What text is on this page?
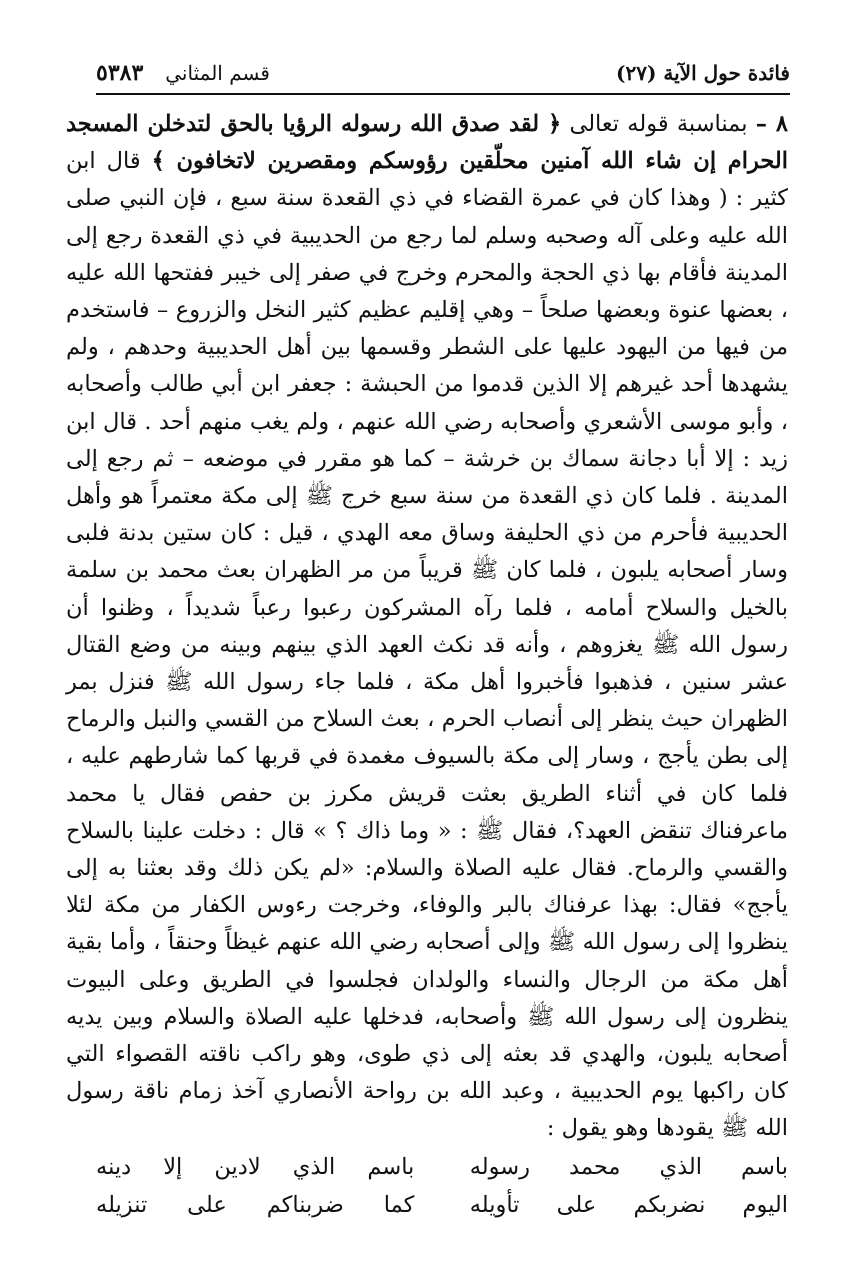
فائدة حول الآية (٢٧)
قسم المثاني
٥٣٨٣

٨ – بمناسبة قوله تعالى ﴿ لقد صدق الله رسوله الرؤيا بالحق لتدخلن المسجد الحرام إن شاء الله آمنين محلّقين رؤوسكم ومقصرين لاتخافون ﴾ قال ابن كثير : ( وهذا كان في عمرة القضاء في ذي القعدة سنة سبع ، فإن النبي صلى الله عليه وعلى آله وصحبه وسلم لما رجع من الحديبية في ذي القعدة رجع إلى المدينة فأقام بها ذي الحجة والمحرم وخرج في صفر إلى خيبر ففتحها الله عليه ، بعضها عنوة وبعضها صلحاً – وهي إقليم عظيم كثير النخل والزروع – فاستخدم من فيها من اليهود عليها على الشطر وقسمها بين أهل الحديبية وحدهم ، ولم يشهدها أحد غيرهم إلا الذين قدموا من الحبشة : جعفر ابن أبي طالب وأصحابه ، وأبو موسى الأشعري وأصحابه رضي الله عنهم ، ولم يغب منهم أحد . قال ابن زيد : إلا أبا دجانة سماك بن خرشة – كما هو مقرر في موضعه – ثم رجع إلى المدينة . فلما كان ذي القعدة من سنة سبع خرج ﷺ إلى مكة معتمراً هو وأهل الحديبية فأحرم من ذي الحليفة وساق معه الهدي ، قيل : كان ستين بدنة فلبى وسار أصحابه يلبون ، فلما كان ﷺ قريباً من مر الظهران بعث محمد بن سلمة بالخيل والسلاح أمامه ، فلما رآه المشركون رعبوا رعباً شديداً ، وظنوا أن رسول الله ﷺ يغزوهم ، وأنه قد نكث العهد الذي بينهم وبينه من وضع القتال عشر سنين ، فذهبوا فأخبروا أهل مكة ، فلما جاء رسول الله ﷺ فنزل بمر الظهران حيث ينظر إلى أنصاب الحرم ، بعث السلاح من القسي والنبل والرماح إلى بطن يأجج ، وسار إلى مكة بالسيوف مغمدة في قربها كما شارطهم عليه ، فلما كان في أثناء الطريق بعثت قريش مكرز بن حفص فقال يا محمد ماعرفناك تنقض العهد؟، فقال ﷺ : « وما ذاك ؟ » قال : دخلت علينا بالسلاح والقسي والرماح. فقال عليه الصلاة والسلام: «لم يكن ذلك وقد بعثنا به إلى يأجج» فقال: بهذا عرفناك بالبر والوفاء، وخرجت رءوس الكفار من مكة لئلا ينظروا إلى رسول الله ﷺ وإلى أصحابه رضي الله عنهم غيظاً وحنقاً ، وأما بقية أهل مكة من الرجال والنساء والولدان فجلسوا في الطريق وعلى البيوت ينظرون إلى رسول الله ﷺ وأصحابه، فدخلها عليه الصلاة والسلام وبين يديه أصحابه يلبون، والهدي قد بعثه إلى ذي طوى، وهو راكب ناقته القصواء التي كان راكبها يوم الحديبية ، وعبد الله بن رواحة الأنصاري آخذ زمام ناقة رسول الله ﷺ يقودها وهو يقول :

باسم الذي محمد رسوله
باسم الذي لادين إلا دينه
اليوم نضربكم على تأويله
كما ضربناكم على تنزيله
